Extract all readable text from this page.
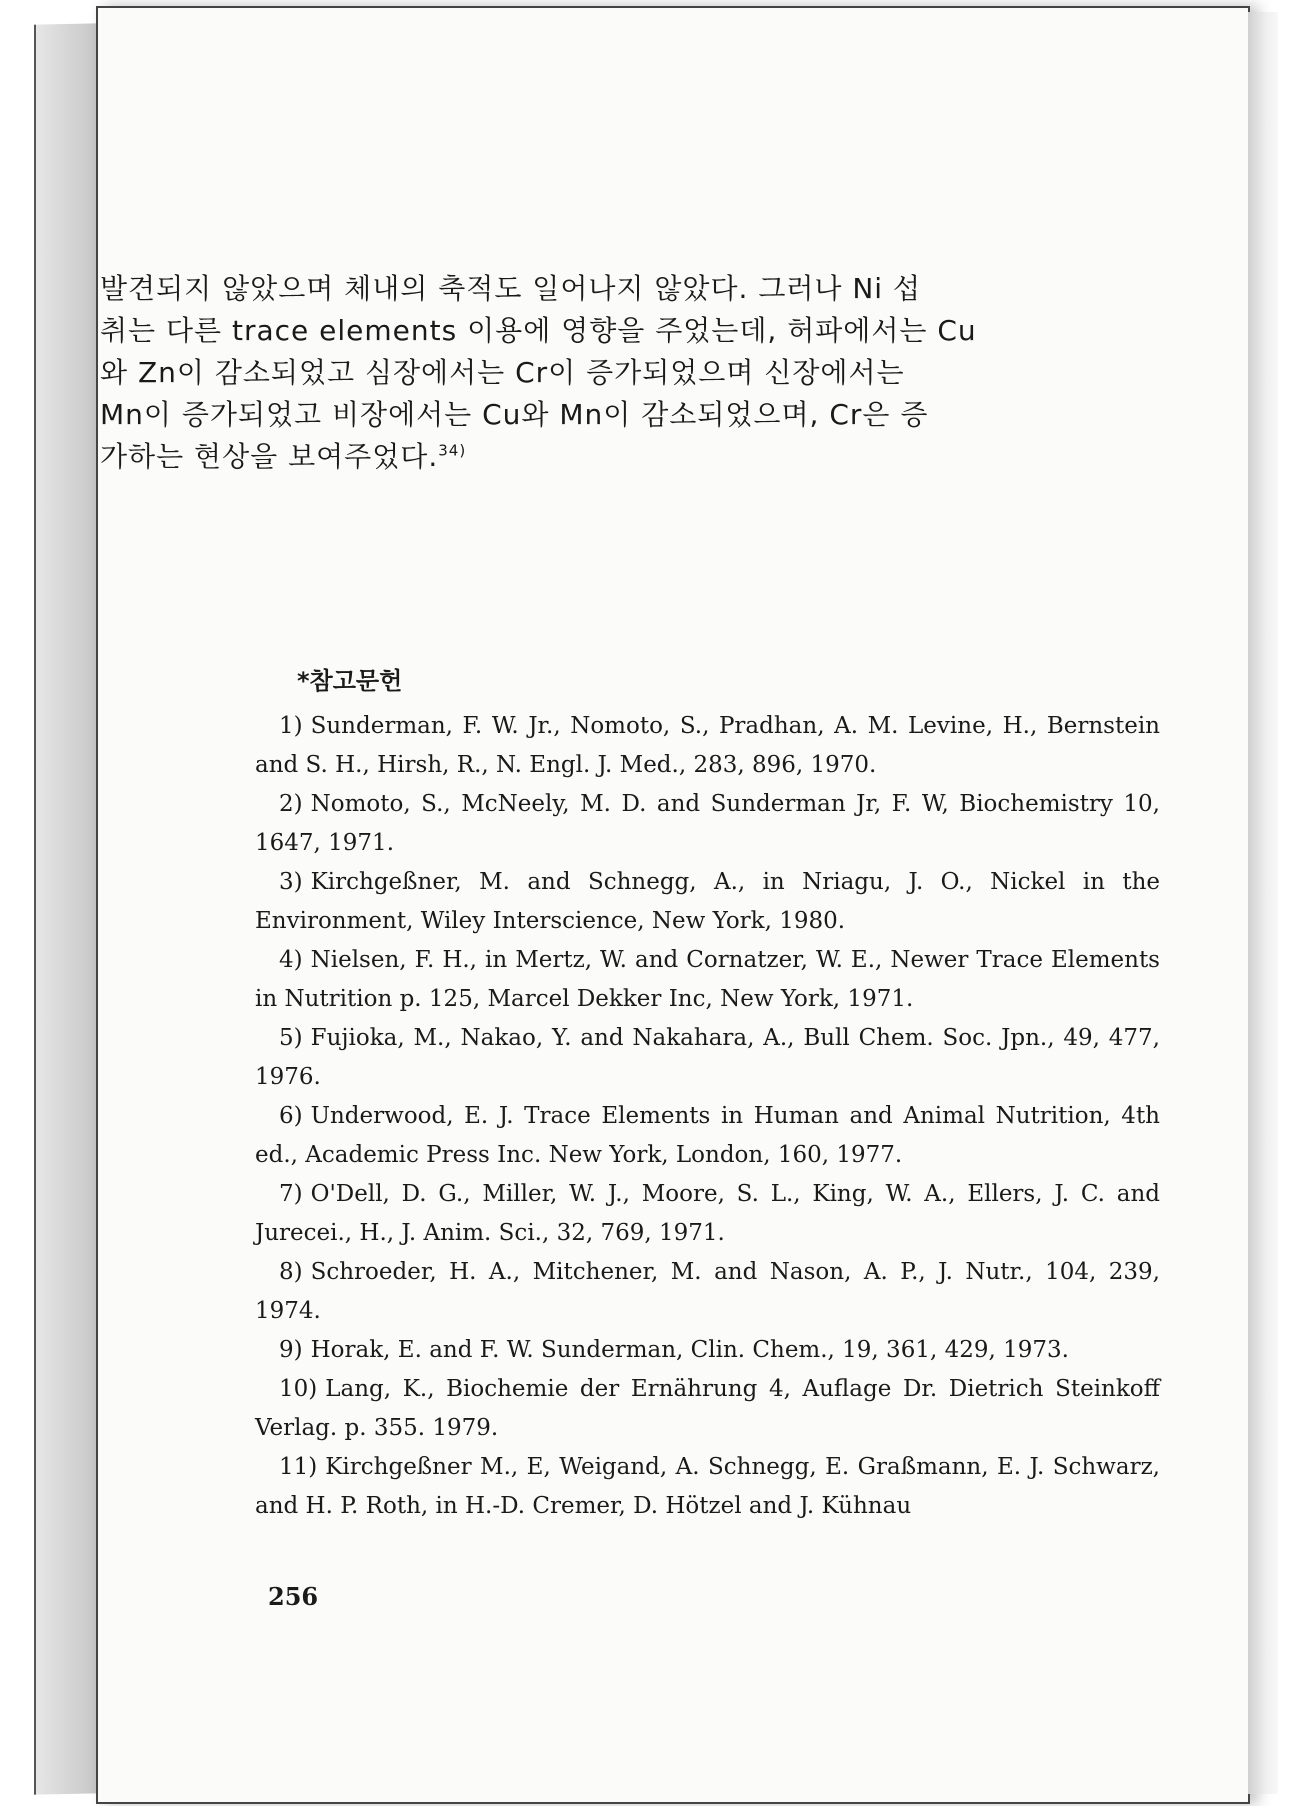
발견되지 않았으며 체내의 축적도 일어나지 않았다. 그러나 Ni 섭

취는 다른 trace elements 이용에 영향을 주었는데, 허파에서는 Cu

와 Zn이 감소되었고 심장에서는 Cr이 증가되었으며 신장에서는

Mn이 증가되었고 비장에서는 Cu와 Mn이 감소되었으며, Cr은 증

가하는 현상을 보여주었다.$^{34)}$

*참고문헌

1) Sunderman, F. W. Jr., Nomoto, S., Pradhan, A. M. Levine, H., Bernstein and S. H., Hirsh, R., N. Engl. J. Med., 283, 896, 1970.

2) Nomoto, S., McNeely, M. D. and Sunderman Jr, F. W, Biochemistry 10, 1647, 1971.

3) Kirchgeßner, M. and Schnegg, A., in Nriagu, J. O., Nickel in the Environment, Wiley Interscience, New York, 1980.

4) Nielsen, F. H., in Mertz, W. and Cornatzer, W. E., Newer Trace Elements in Nutrition p. 125, Marcel Dekker Inc, New York, 1971.

5) Fujioka, M., Nakao, Y. and Nakahara, A., Bull Chem. Soc. Jpn., 49, 477, 1976.

6) Underwood, E. J. Trace Elements in Human and Animal Nutrition, 4th ed., Academic Press Inc. New York, London, 160, 1977.

7) O'Dell, D. G., Miller, W. J., Moore, S. L., King, W. A., Ellers, J. C. and Jurecei., H., J. Anim. Sci., 32, 769, 1971.

8) Schroeder, H. A., Mitchener, M. and Nason, A. P., J. Nutr., 104, 239, 1974.

9) Horak, E. and F. W. Sunderman, Clin. Chem., 19, 361, 429, 1973.

10) Lang, K., Biochemie der Ernährung 4, Auflage Dr. Dietrich Steinkoff Verlag. p. 355. 1979.

11) Kirchgeßner M., E, Weigand, A. Schnegg, E. Graßmann, E. J. Schwarz, and H. P. Roth, in H.-D. Cremer, D. Hötzel and J. Kühnau

256
